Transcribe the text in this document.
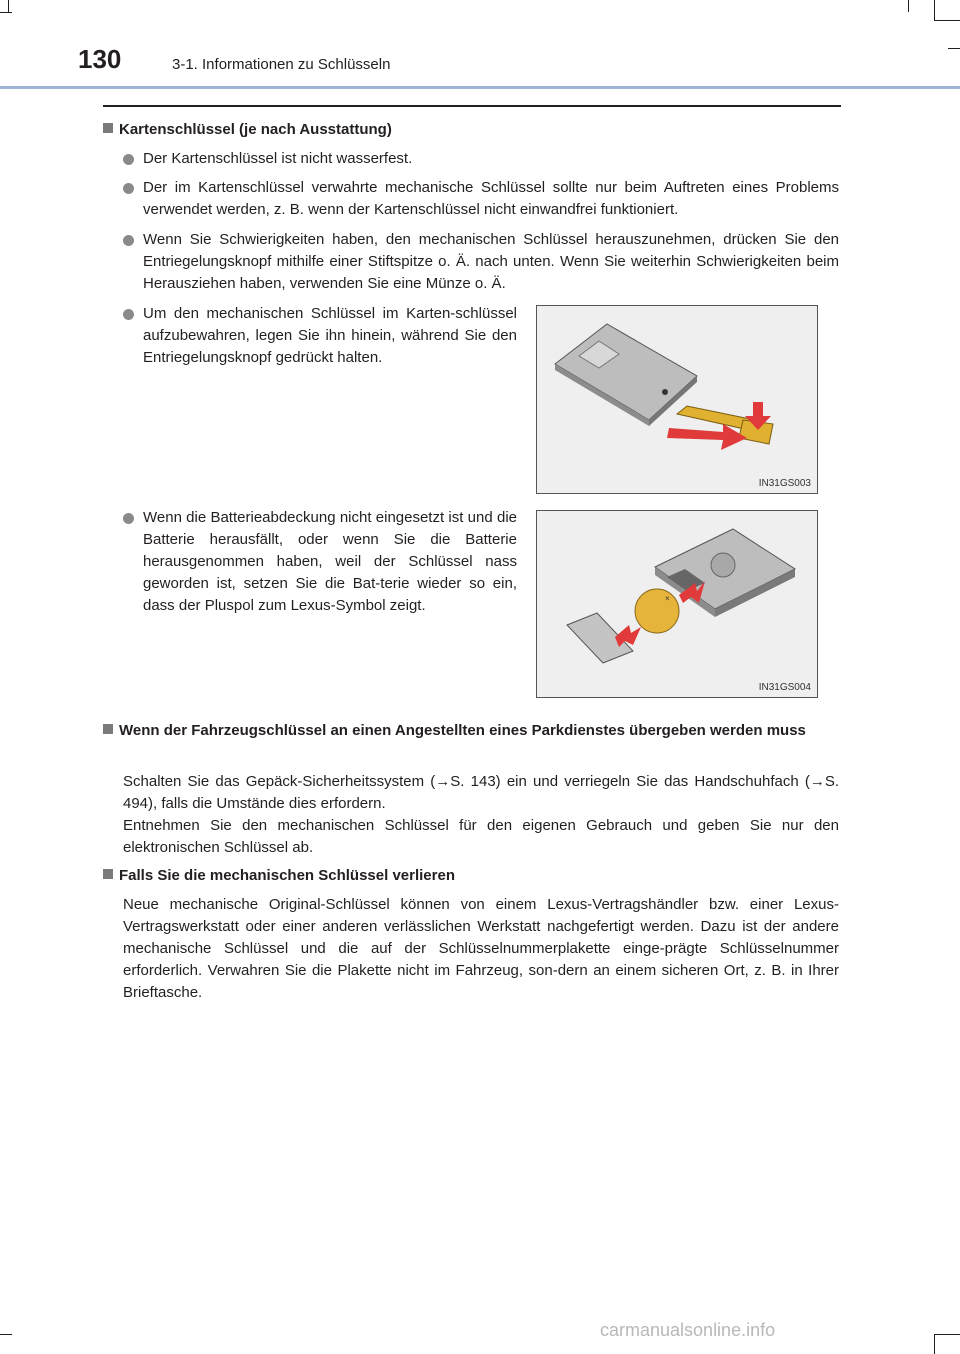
130	3-1. Informationen zu Schlüsseln
Kartenschlüssel (je nach Ausstattung)
Der Kartenschlüssel ist nicht wasserfest.
Der im Kartenschlüssel verwahrte mechanische Schlüssel sollte nur beim Auftreten eines Problems verwendet werden, z. B. wenn der Kartenschlüssel nicht einwandfrei funktioniert.
Wenn Sie Schwierigkeiten haben, den mechanischen Schlüssel herauszunehmen, drücken Sie den Entriegelungsknopf mithilfe einer Stiftspitze o. Ä. nach unten. Wenn Sie weiterhin Schwierigkeiten beim Herausziehen haben, verwenden Sie eine Münze o. Ä.
Um den mechanischen Schlüssel im Karten-schlüssel aufzubewahren, legen Sie ihn hinein, während Sie den Entriegelungsknopf gedrückt halten.
Wenn die Batterieabdeckung nicht eingesetzt ist und die Batterie herausfällt, oder wenn Sie die Batterie herausgenommen haben, weil der Schlüssel nass geworden ist, setzen Sie die Bat-terie wieder so ein, dass der Pluspol zum Lexus-Symbol zeigt.
IN31GS003
×
IN31GS004
Wenn der Fahrzeugschlüssel an einen Angestellten eines Parkdienstes übergeben werden muss
Schalten Sie das Gepäck-Sicherheitssystem (→S. 143) ein und verriegeln Sie das Handschuhfach (→S. 494), falls die Umstände dies erfordern.
Entnehmen Sie den mechanischen Schlüssel für den eigenen Gebrauch und geben Sie nur den elektronischen Schlüssel ab.
Falls Sie die mechanischen Schlüssel verlieren
Neue mechanische Original-Schlüssel können von einem Lexus-Vertragshändler bzw. einer Lexus-Vertragswerkstatt oder einer anderen verlässlichen Werkstatt nachgefertigt werden. Dazu ist der andere mechanische Schlüssel und die auf der Schlüsselnummerplakette einge-prägte Schlüsselnummer erforderlich. Verwahren Sie die Plakette nicht im Fahrzeug, son-dern an einem sicheren Ort, z. B. in Ihrer Brieftasche.
carmanualsonline.info
